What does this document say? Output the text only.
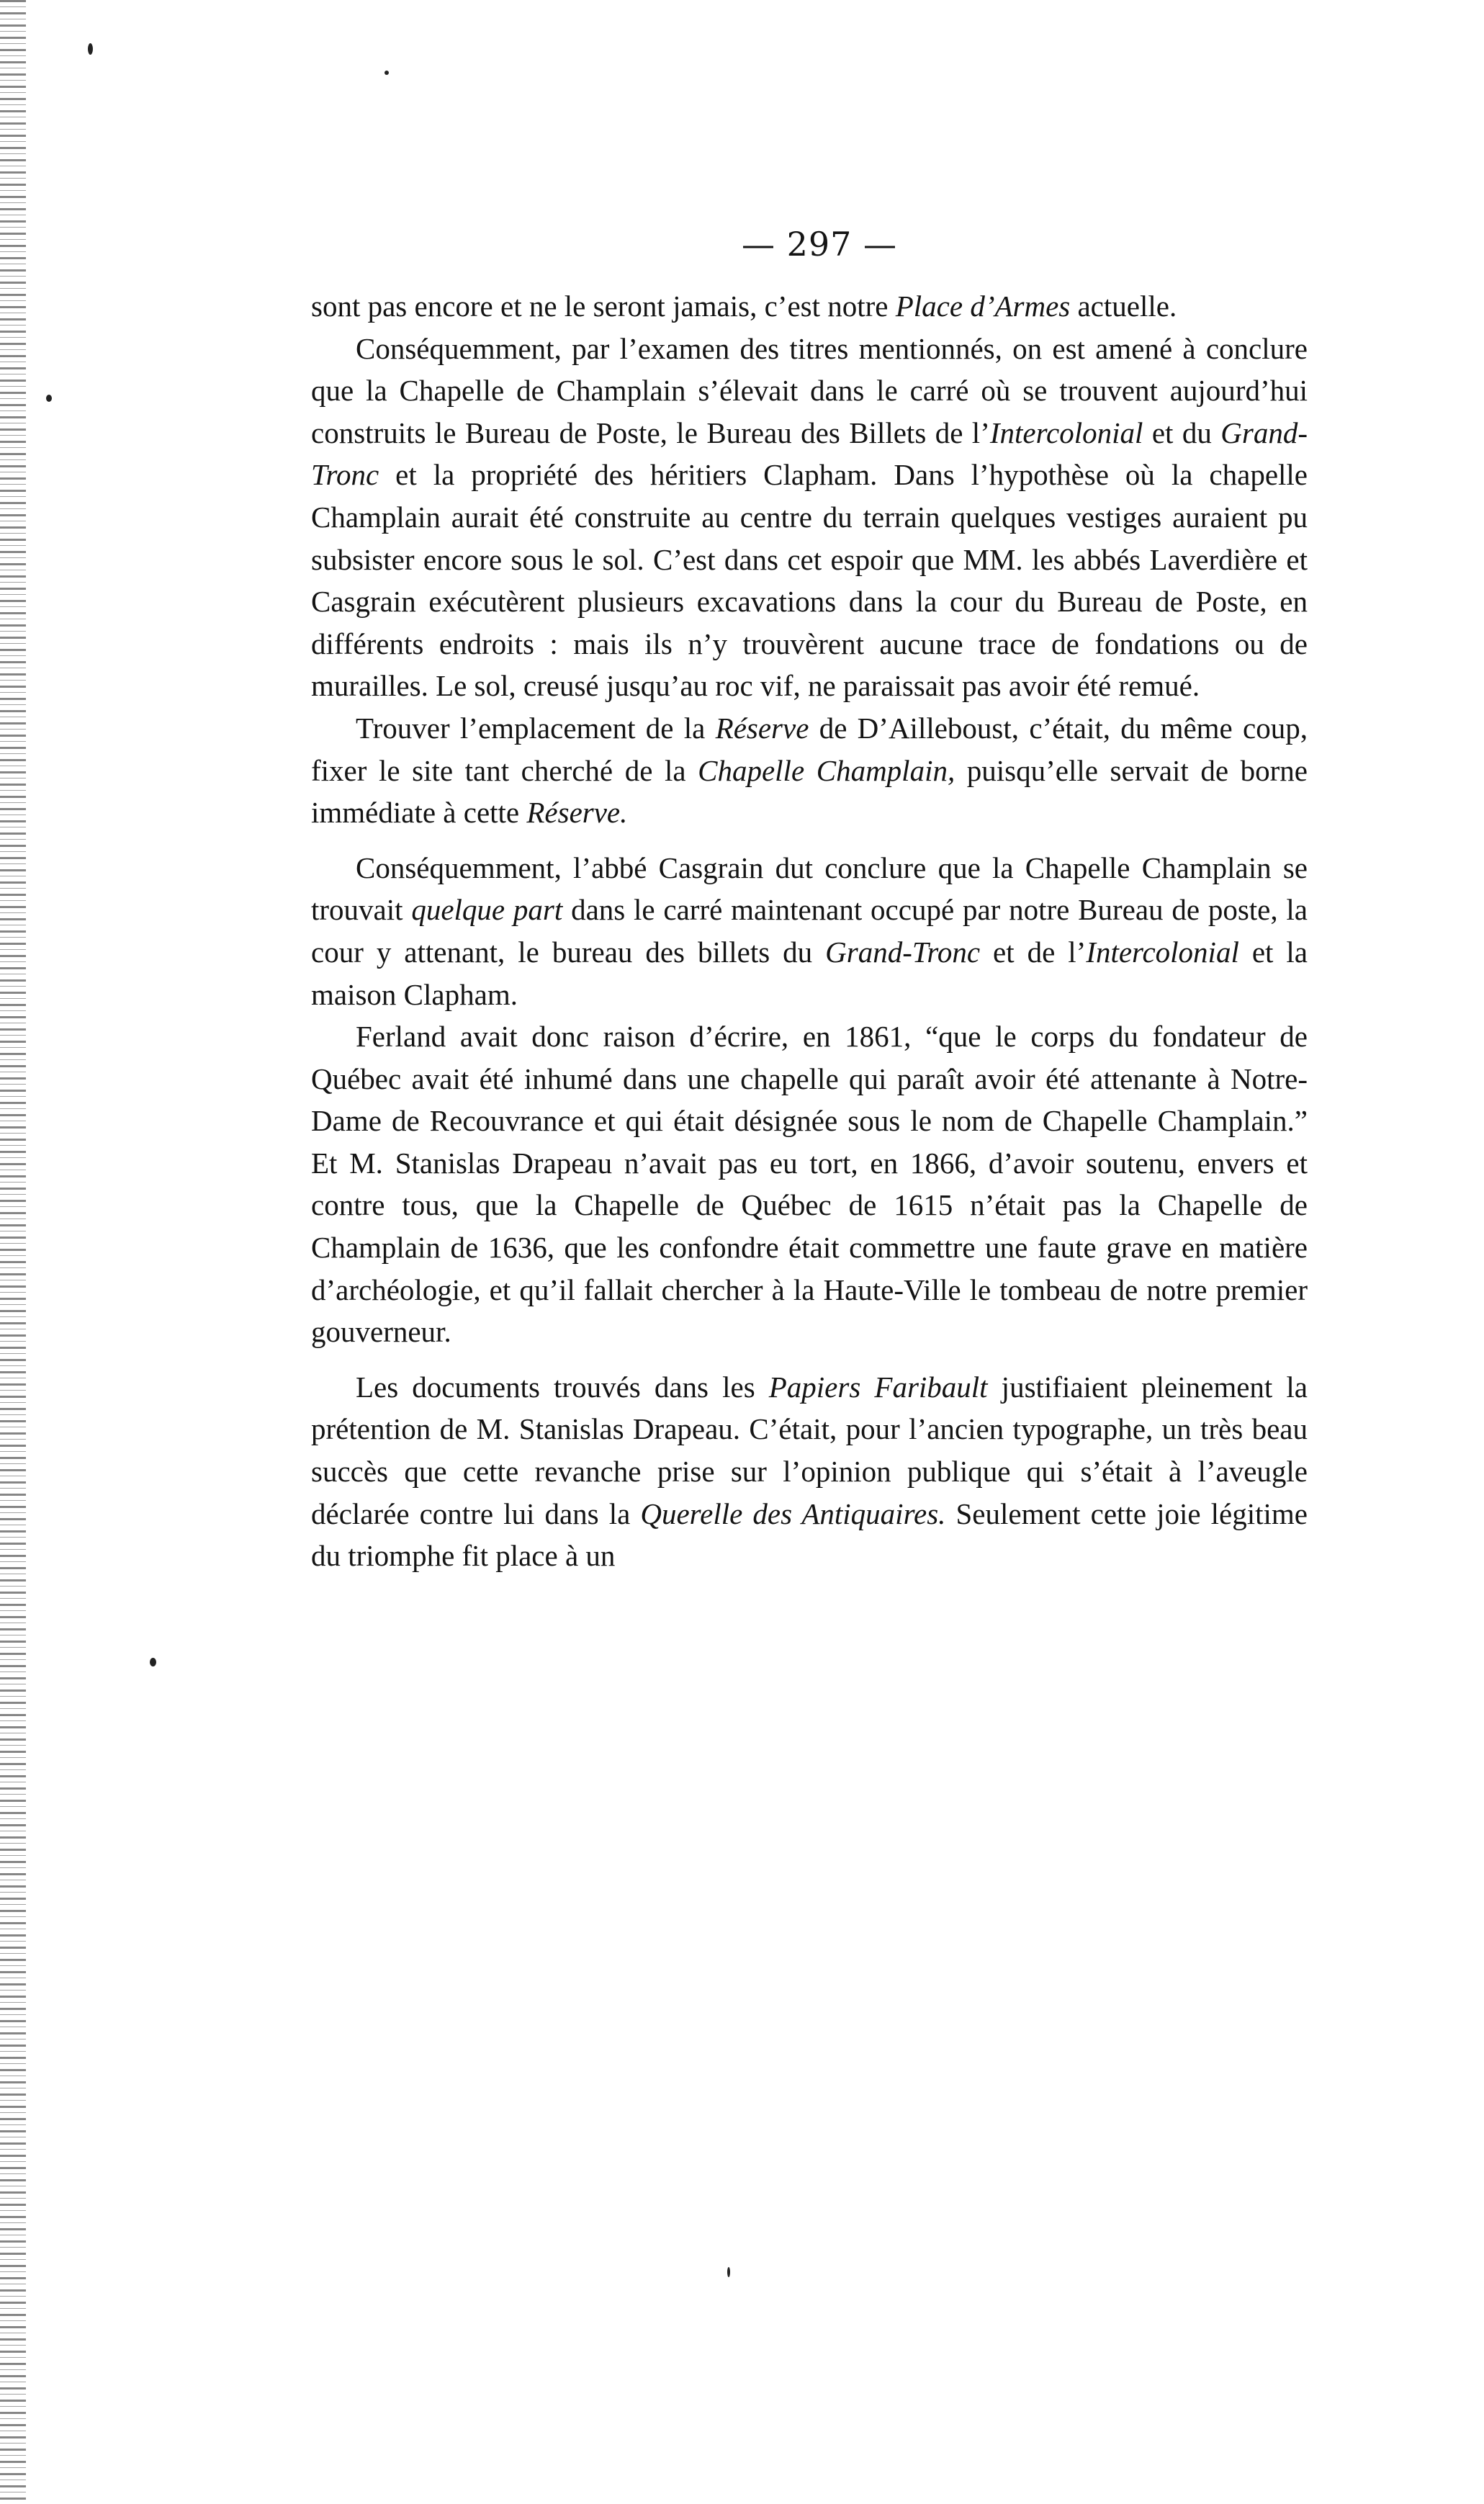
— 297 —

sont pas encore et ne le seront jamais, c’est notre Place d’Armes actuelle.

Conséquemment, par l’examen des titres mentionnés, on est amené à conclure que la Chapelle de Champlain s’élevait dans le carré où se trouvent aujourd’hui construits le Bureau de Poste, le Bureau des Billets de l’Intercolonial et du Grand-Tronc et la propriété des héritiers Clapham. Dans l’hypothèse où la chapelle Champlain aurait été construite au centre du terrain quelques vestiges auraient pu subsister encore sous le sol. C’est dans cet espoir que MM. les abbés Laverdière et Casgrain exécutèrent plusieurs excavations dans la cour du Bureau de Poste, en différents endroits : mais ils n’y trouvèrent aucune trace de fondations ou de murailles. Le sol, creusé jusqu’au roc vif, ne paraissait pas avoir été remué.

Trouver l’emplacement de la Réserve de D’Ailleboust, c’était, du même coup, fixer le site tant cherché de la Chapelle Champlain, puisqu’elle servait de borne immédiate à cette Réserve.

Conséquemment, l’abbé Casgrain dut conclure que la Chapelle Champlain se trouvait quelque part dans le carré maintenant occupé par notre Bureau de poste, la cour y attenant, le bureau des billets du Grand-Tronc et de l’Intercolonial et la maison Clapham.

Ferland avait donc raison d’écrire, en 1861, “que le corps du fondateur de Québec avait été inhumé dans une chapelle qui paraît avoir été attenante à Notre-Dame de Recouvrance et qui était désignée sous le nom de Chapelle Champlain.” Et M. Stanislas Drapeau n’avait pas eu tort, en 1866, d’avoir soutenu, envers et contre tous, que la Chapelle de Québec de 1615 n’était pas la Chapelle de Champlain de 1636, que les confondre était commettre une faute grave en matière d’archéologie, et qu’il fallait chercher à la Haute-Ville le tombeau de notre premier gouverneur.

Les documents trouvés dans les Papiers Faribault justifiaient pleinement la prétention de M. Stanislas Drapeau. C’était, pour l’ancien typographe, un très beau succès que cette revanche prise sur l’opinion publique qui s’était à l’aveugle déclarée contre lui dans la Querelle des Antiquaires. Seulement cette joie légitime du triomphe fit place à un
